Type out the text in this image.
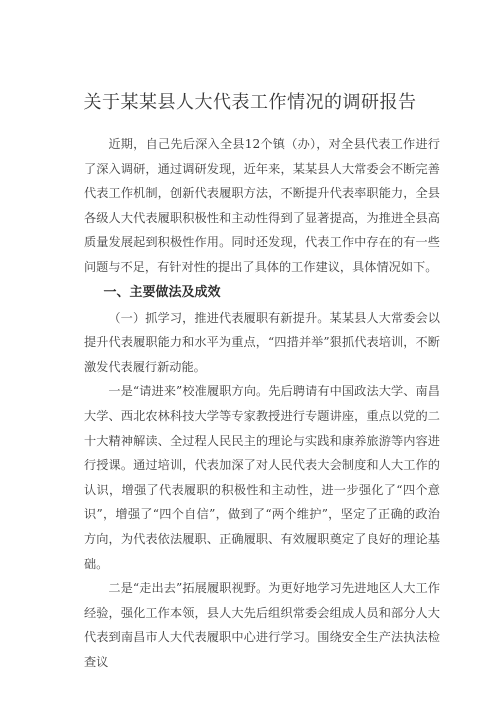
关于某某县人大代表工作情况的调研报告

近期，自己先后深入全县12个镇（办），对全县代表工作进行了深入调研，通过调研发现，近年来，某某县人大常委会不断完善代表工作机制，创新代表履职方法，不断提升代表率职能力，全县各级人大代表履职积极性和主动性得到了显著提高，为推进全县高质量发展起到积极性作用。同时还发现，代表工作中存在的有一些问题与不足，有针对性的提出了具体的工作建议，具体情况如下。

一、主要做法及成效

（一）抓学习，推进代表履职有新提升。某某县人大常委会以提升代表履职能力和水平为重点，“四措并举”狠抓代表培训，不断激发代表履行新动能。

一是“请进来”校准履职方向。先后聘请有中国政法大学、南昌大学、西北农林科技大学等专家教授进行专题讲座，重点以党的二十大精神解读、全过程人民民主的理论与实践和康养旅游等内容进行授课。通过培训，代表加深了对人民代表大会制度和人大工作的认识，增强了代表履职的积极性和主动性，进一步强化了“四个意识”，增强了“四个自信”，做到了“两个维护”，坚定了正确的政治方向，为代表依法履职、正确履职、有效履职奠定了良好的理论基础。

二是“走出去”拓展履职视野。为更好地学习先进地区人大工作经验，强化工作本领，县人大先后组织常委会组成人员和部分人大代表到南昌市人大代表履职中心进行学习。围绕安全生产法执法检查议
